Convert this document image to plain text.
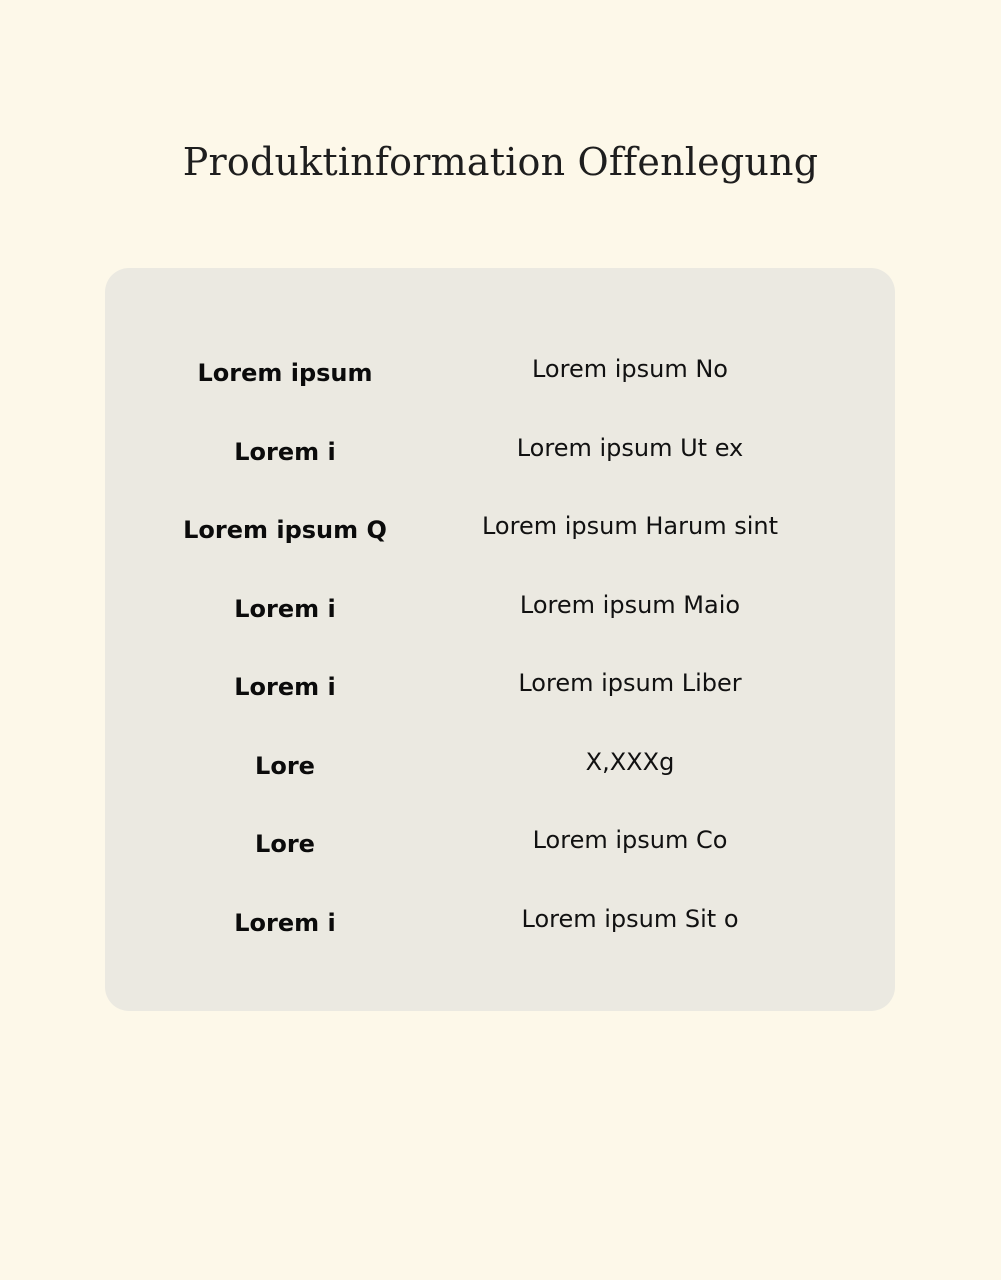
Produktinformation Offenlegung
Lorem ipsum	Lorem ipsum No
Lorem i	Lorem ipsum Ut ex
Lorem ipsum Q	Lorem ipsum Harum sint
Lorem i	Lorem ipsum Maio
Lorem i	Lorem ipsum Liber
Lore	X,XXXg
Lore	Lorem ipsum Co
Lorem i	Lorem ipsum Sit o
